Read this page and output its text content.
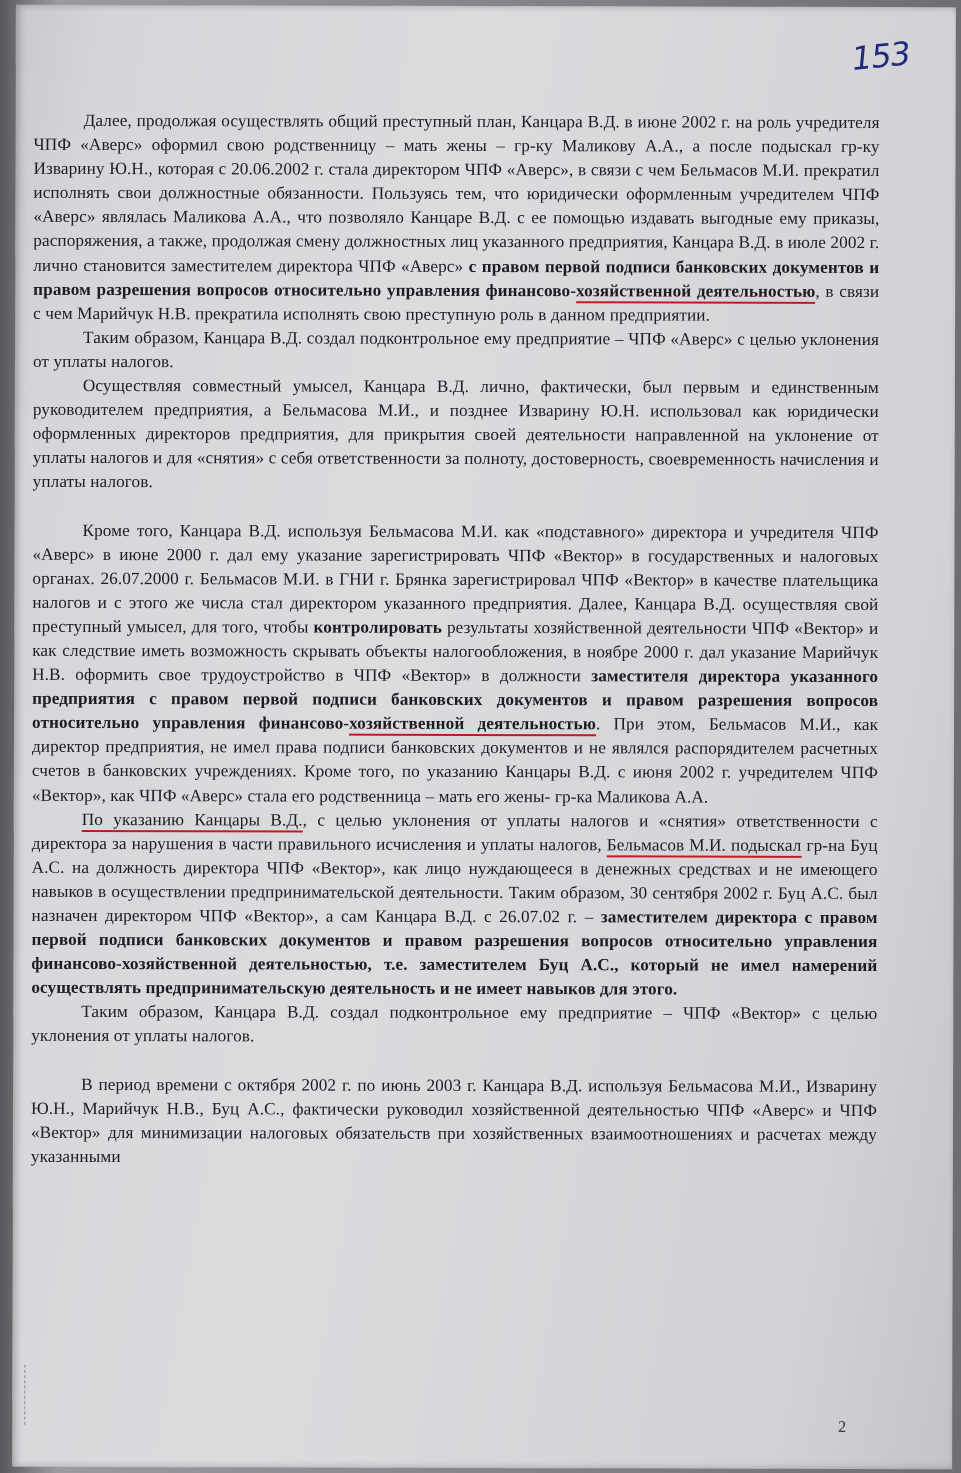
153

Далее, продолжая осуществлять общий преступный план, Канцара В.Д. в июне 2002 г. на роль учредителя ЧПФ «Аверс» оформил свою родственницу – мать жены – гр-ку Маликову А.А., а после подыскал гр-ку Изварину Ю.Н., которая с 20.06.2002 г. стала директором ЧПФ «Аверс», в связи с чем Бельмасов М.И. прекратил исполнять свои должностные обязанности. Пользуясь тем, что юридически оформленным учредителем ЧПФ «Аверс» являлась Маликова А.А., что позволяло Канцаре В.Д. с ее помощью издавать выгодные ему приказы, распоряжения, а также, продолжая смену должностных лиц указанного предприятия, Канцара В.Д. в июле 2002 г. лично становится заместителем директора ЧПФ «Аверс» с правом первой подписи банковских документов и правом разрешения вопросов относительно управления финансово-хозяйственной деятельностью, в связи с чем Марийчук Н.В. прекратила исполнять свою преступную роль в данном предприятии.

Таким образом, Канцара В.Д. создал подконтрольное ему предприятие – ЧПФ «Аверс» с целью уклонения от уплаты налогов.

Осуществляя совместный умысел, Канцара В.Д. лично, фактически, был первым и единственным руководителем предприятия, а Бельмасова М.И., и позднее Изварину Ю.Н. использовал как юридически оформленных директоров предприятия, для прикрытия своей деятельности направленной на уклонение от уплаты налогов и для «снятия» с себя ответственности за полноту, достоверность, своевременность начисления и уплаты налогов.

Кроме того, Канцара В.Д. используя Бельмасова М.И. как «подставного» директора и учредителя ЧПФ «Аверс» в июне 2000 г. дал ему указание зарегистрировать ЧПФ «Вектор» в государственных и налоговых органах. 26.07.2000 г. Бельмасов М.И. в ГНИ г. Брянка зарегистрировал ЧПФ «Вектор» в качестве плательщика налогов и с этого же числа стал директором указанного предприятия. Далее, Канцара В.Д. осуществляя свой преступный умысел, для того, чтобы контролировать результаты хозяйственной деятельности ЧПФ «Вектор» и как следствие иметь возможность скрывать объекты налогообложения, в ноябре 2000 г. дал указание Марийчук Н.В. оформить свое трудоустройство в ЧПФ «Вектор» в должности заместителя директора указанного предприятия с правом первой подписи банковских документов и правом разрешения вопросов относительно управления финансово-хозяйственной деятельностью. При этом, Бельмасов М.И., как директор предприятия, не имел права подписи банковских документов и не являлся распорядителем расчетных счетов в банковских учреждениях. Кроме того, по указанию Канцары В.Д. с июня 2002 г. учредителем ЧПФ «Вектор», как ЧПФ «Аверс» стала его родственница – мать его жены- гр-ка Маликова А.А.

По указанию Канцары В.Д., с целью уклонения от уплаты налогов и «снятия» ответственности с директора за нарушения в части правильного исчисления и уплаты налогов, Бельмасов М.И. подыскал гр-на Буц А.С. на должность директора ЧПФ «Вектор», как лицо нуждающееся в денежных средствах и не имеющего навыков в осуществлении предпринимательской деятельности. Таким образом, 30 сентября 2002 г. Буц А.С. был назначен директором ЧПФ «Вектор», а сам Канцара В.Д. с 26.07.02 г. – заместителем директора с правом первой подписи банковских документов и правом разрешения вопросов относительно управления финансово-хозяйственной деятельностью, т.е. заместителем Буц А.С., который не имел намерений осуществлять предпринимательскую деятельность и не имеет навыков для этого.

Таким образом, Канцара В.Д. создал подконтрольное ему предприятие – ЧПФ «Вектор» с целью уклонения от уплаты налогов.

В период времени с октября 2002 г. по июнь 2003 г. Канцара В.Д. используя Бельмасова М.И., Изварину Ю.Н., Марийчук Н.В., Буц А.С., фактически руководил хозяйственной деятельностью ЧПФ «Аверс» и ЧПФ «Вектор» для минимизации налоговых обязательств при хозяйственных взаимоотношениях и расчетах между указанными

2
